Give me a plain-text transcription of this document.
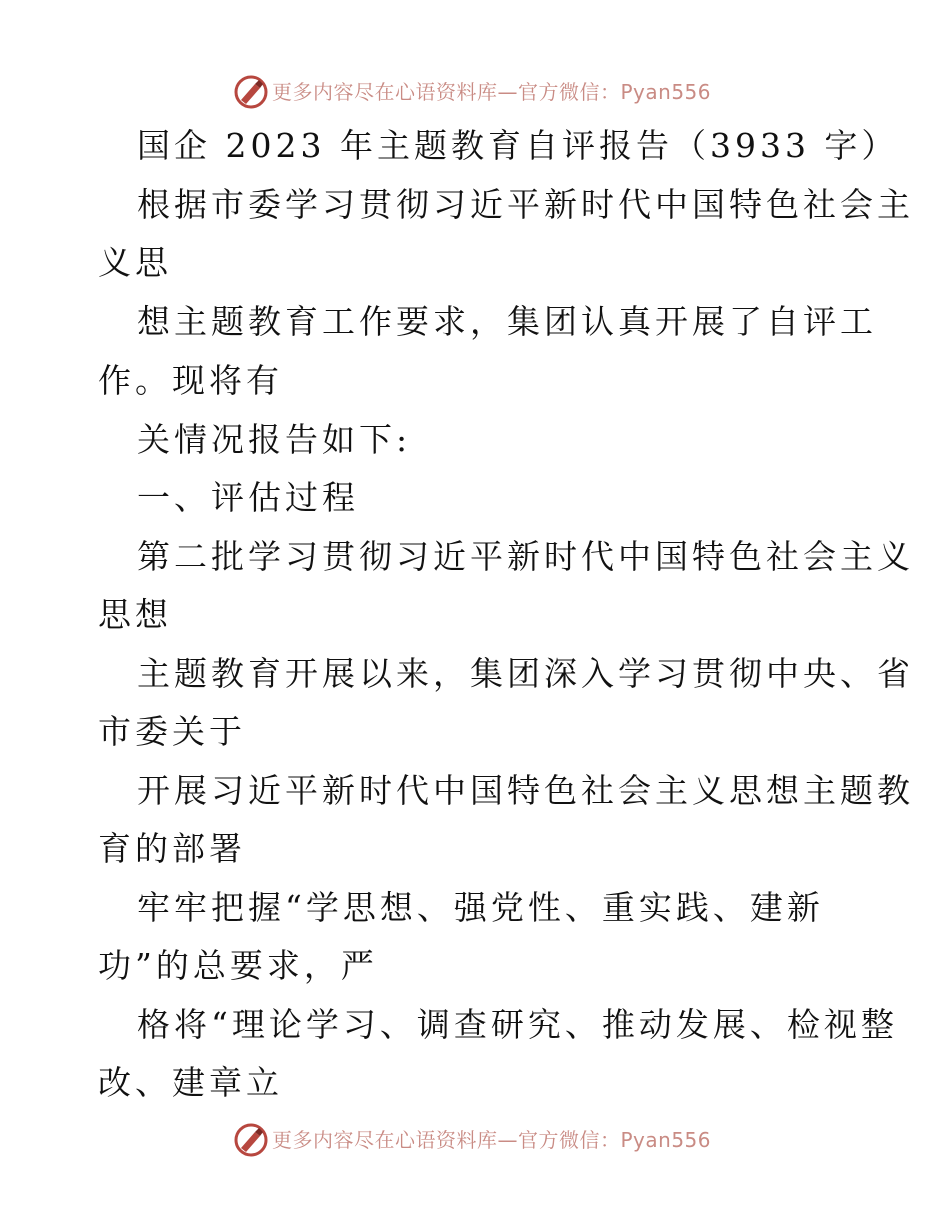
更多内容尽在心语资料库—官方微信：Pyan556
国企 2023 年主题教育自评报告（3933 字）
根据市委学习贯彻习近平新时代中国特色社会主
义思
想主题教育工作要求，集团认真开展了自评工
作。现将有
关情况报告如下:
一、评估过程
第二批学习贯彻习近平新时代中国特色社会主义
思想
主题教育开展以来，集团深入学习贯彻中央、省
市委关于
开展习近平新时代中国特色社会主义思想主题教
育的部署
牢牢把握“学思想、强党性、重实践、建新
功”的总要求，严
格将“理论学习、调查研究、推动发展、检视整
改、建章立
更多内容尽在心语资料库—官方微信：Pyan556
